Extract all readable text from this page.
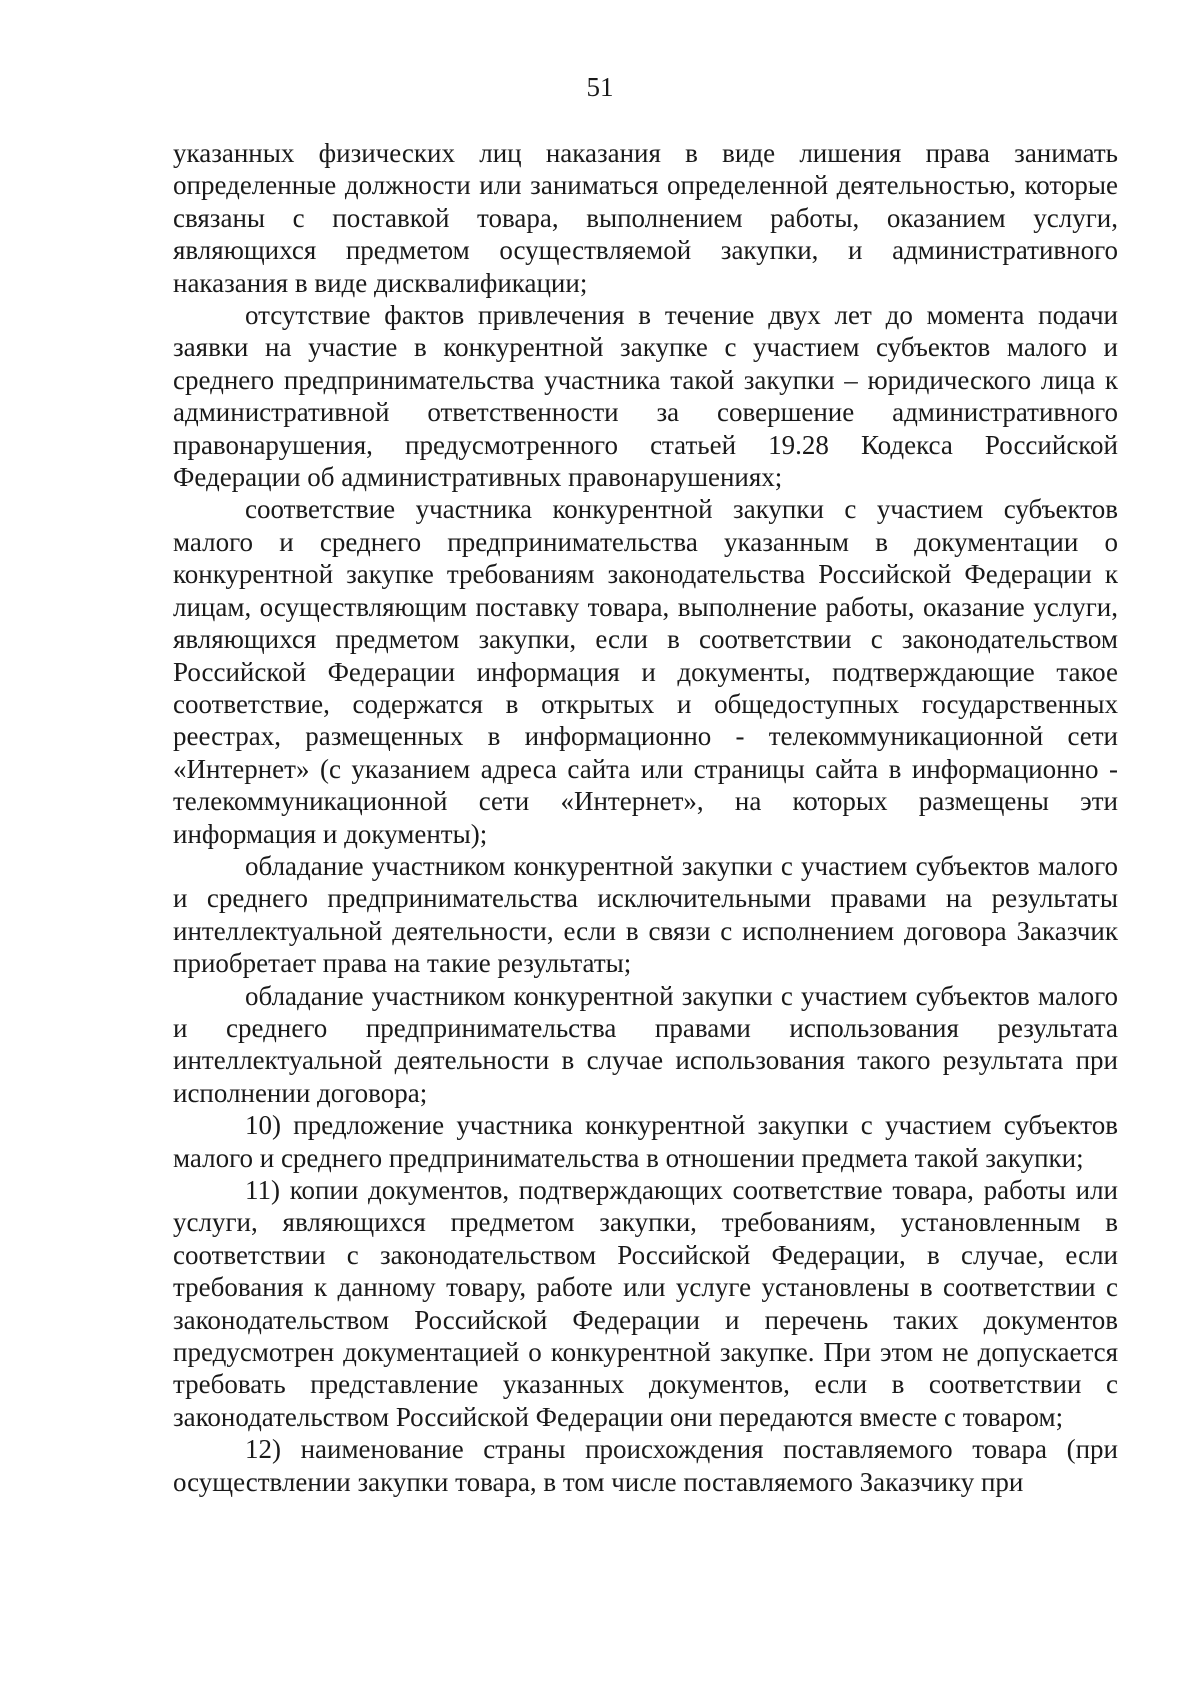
51

указанных физических лиц наказания в виде лишения права занимать определенные должности или заниматься определенной деятельностью, которые связаны с поставкой товара, выполнением работы, оказанием услуги, являющихся предметом осуществляемой закупки, и административного наказания в виде дисквалификации;

отсутствие фактов привлечения в течение двух лет до момента подачи заявки на участие в конкурентной закупке с участием субъектов малого и среднего предпринимательства участника такой закупки – юридического лица к административной ответственности за совершение административного правонарушения, предусмотренного статьей 19.28 Кодекса Российской Федерации об административных правонарушениях;

соответствие участника конкурентной закупки с участием субъектов малого и среднего предпринимательства указанным в документации о конкурентной закупке требованиям законодательства Российской Федерации к лицам, осуществляющим поставку товара, выполнение работы, оказание услуги, являющихся предметом закупки, если в соответствии с законодательством Российской Федерации информация и документы, подтверждающие такое соответствие, содержатся в открытых и общедоступных государственных реестрах, размещенных в информационно - телекоммуникационной сети «Интернет» (с указанием адреса сайта или страницы сайта в информационно - телекоммуникационной сети «Интернет», на которых размещены эти информация и документы);

обладание участником конкурентной закупки с участием субъектов малого и среднего предпринимательства исключительными правами на результаты интеллектуальной деятельности, если в связи с исполнением договора Заказчик приобретает права на такие результаты;

обладание участником конкурентной закупки с участием субъектов малого и среднего предпринимательства правами использования результата интеллектуальной деятельности в случае использования такого результата при исполнении договора;

10) предложение участника конкурентной закупки с участием субъектов малого и среднего предпринимательства в отношении предмета такой закупки;

11) копии документов, подтверждающих соответствие товара, работы или услуги, являющихся предметом закупки, требованиям, установленным в соответствии с законодательством Российской Федерации, в случае, если требования к данному товару, работе или услуге установлены в соответствии с законодательством Российской Федерации и перечень таких документов предусмотрен документацией о конкурентной закупке. При этом не допускается требовать представление указанных документов, если в соответствии с законодательством Российской Федерации они передаются вместе с товаром;

12) наименование страны происхождения поставляемого товара (при осуществлении закупки товара, в том числе поставляемого Заказчику при
